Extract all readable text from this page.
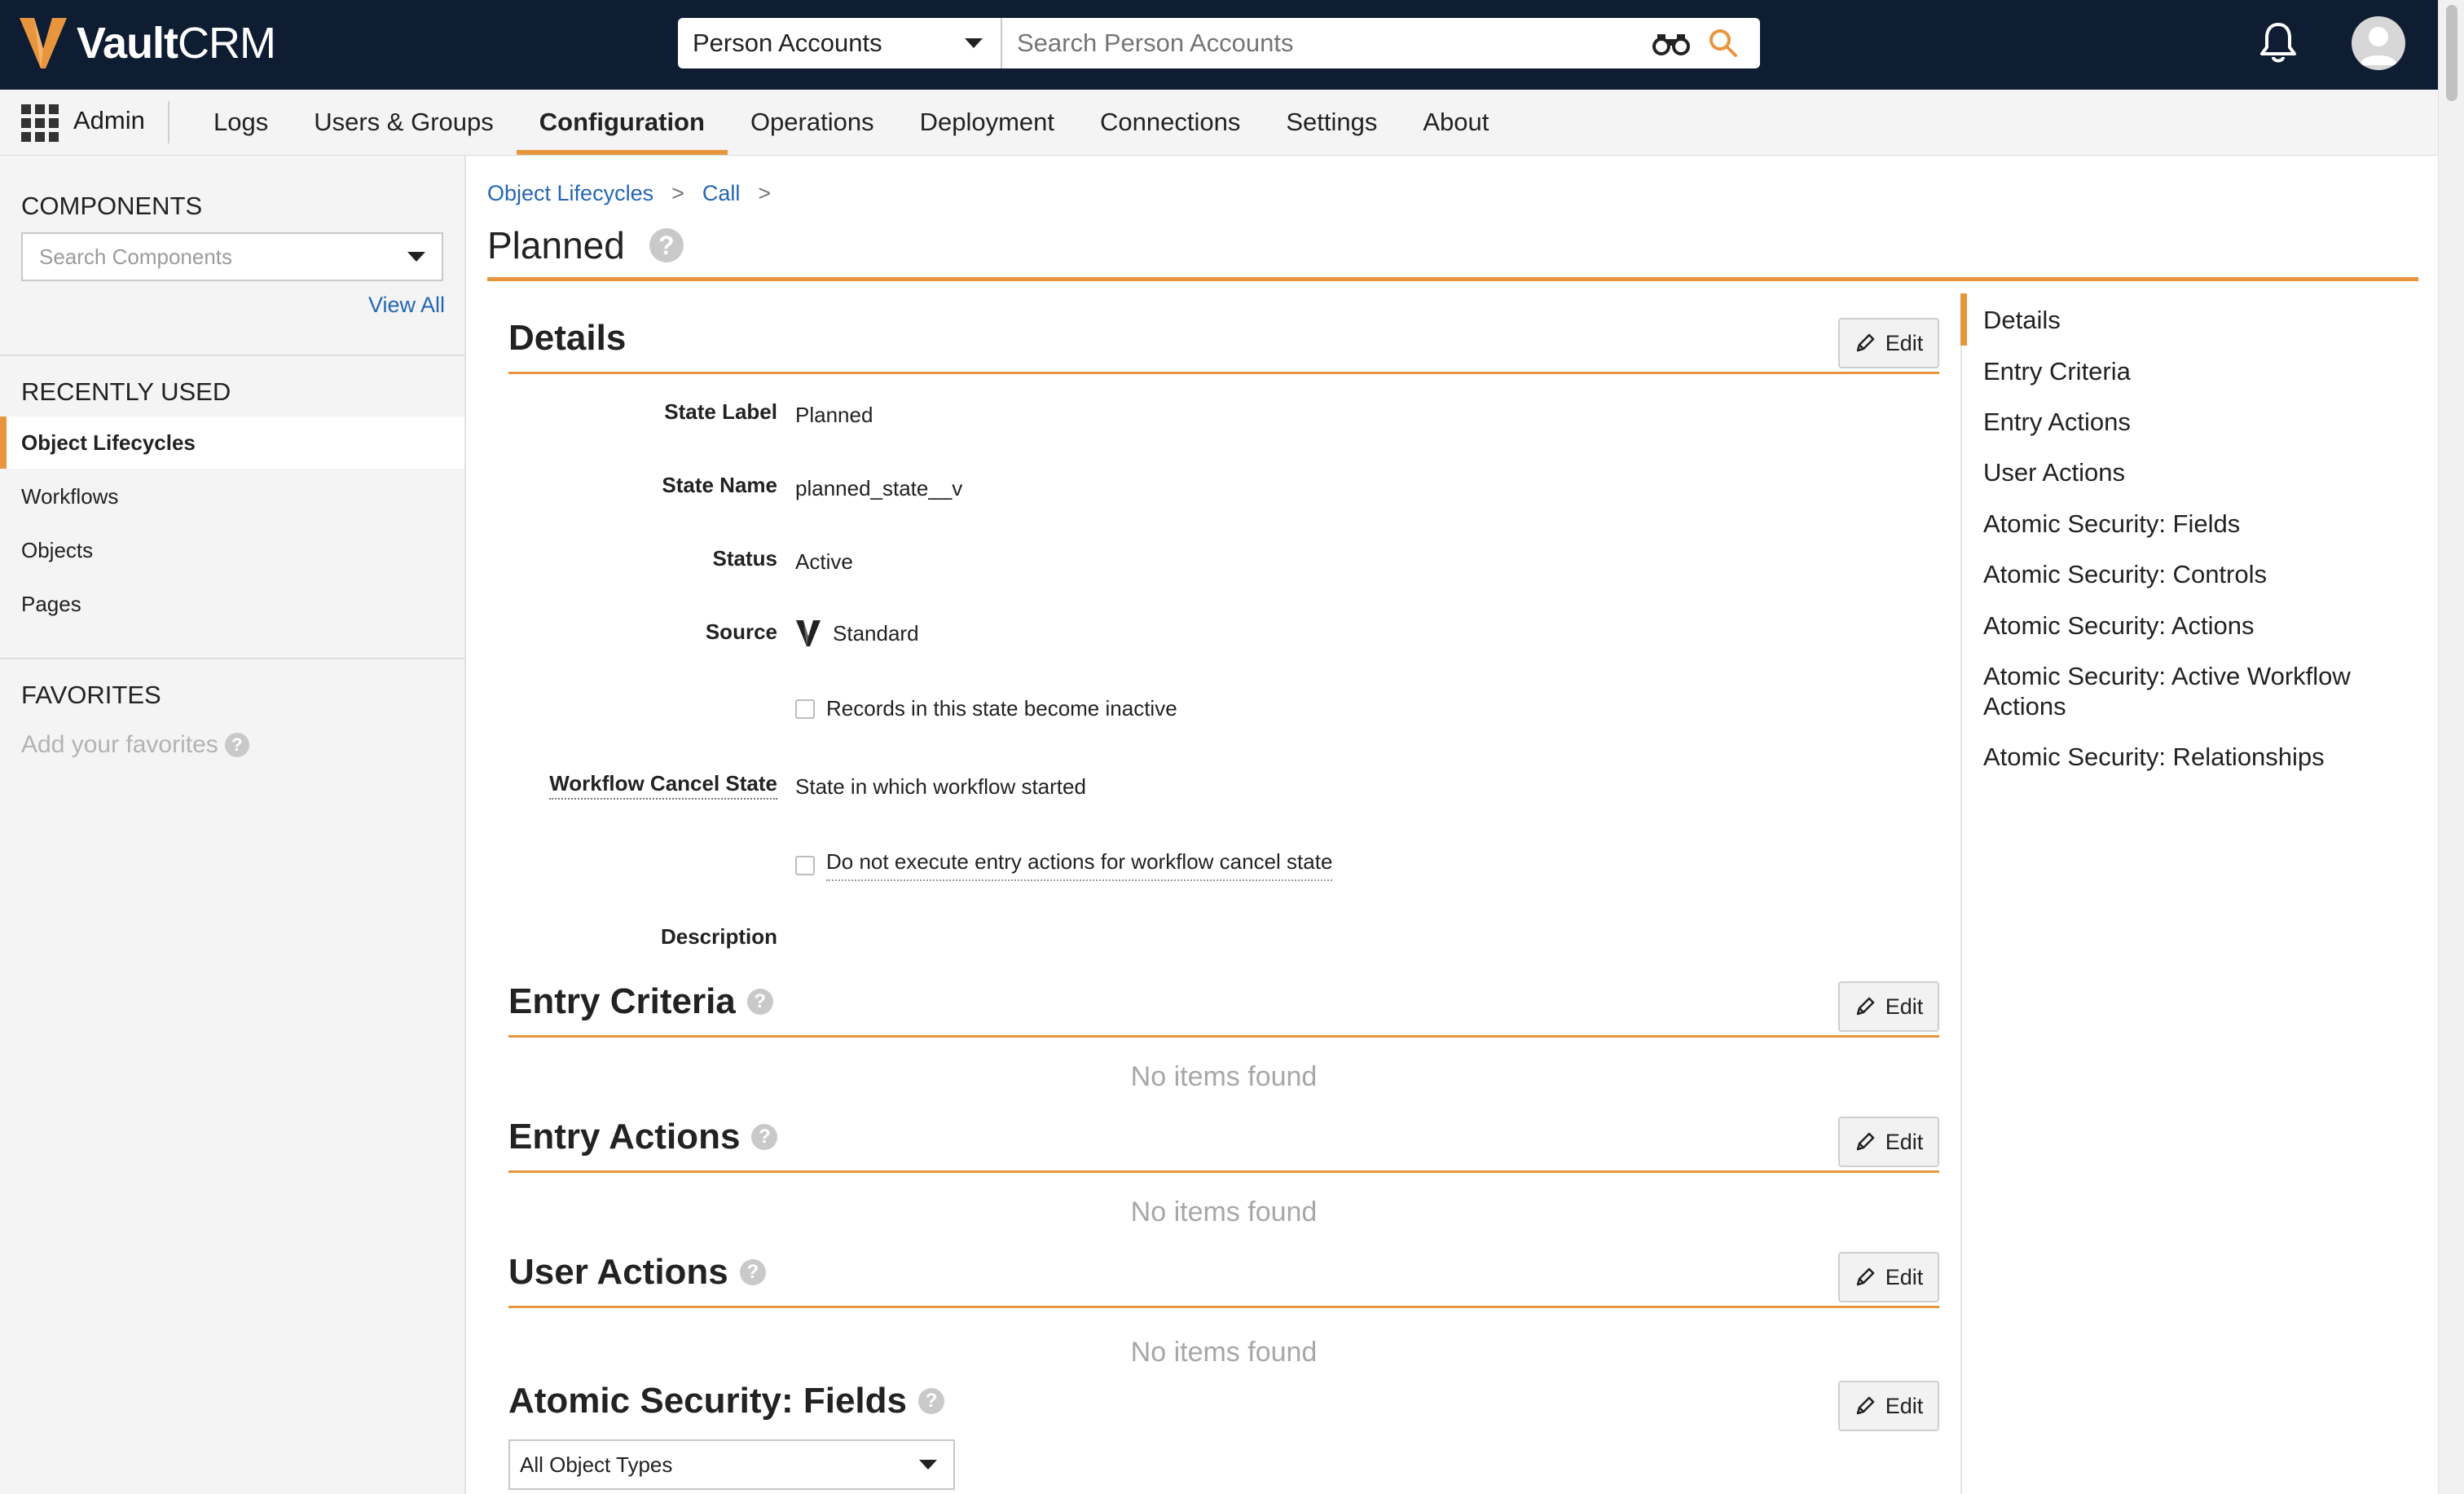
VaultCRM	Person Accounts
Search Person Accounts
Admin	Logs	Users & Groups	Configuration	Operations	Deployment	Connections	Settings	About
COMPONENTS
Search Components
View All
RECENTLY USED
Object Lifecycles
Workflows
Objects
Pages
FAVORITES
Add your favorites ?
Object Lifecycles > Call >
Planned	?
Details	Edit
State Label Planned
State Name planned_state__v
Status Active
Source	Standard
Records in this state become inactive
Workflow Cancel State State in which workflow started
Do not execute entry actions for workflow cancel state
Description
Entry Criteria ?	Edit
No items found
Entry Actions ?	Edit
No items found
User Actions ?	Edit
No items found
Atomic Security: Fields ?	Edit
All Object Types
Details
Entry Criteria
Entry Actions
User Actions
Atomic Security: Fields
Atomic Security: Controls
Atomic Security: Actions
Atomic Security: Active Workflow Actions
Atomic Security: Relationships
